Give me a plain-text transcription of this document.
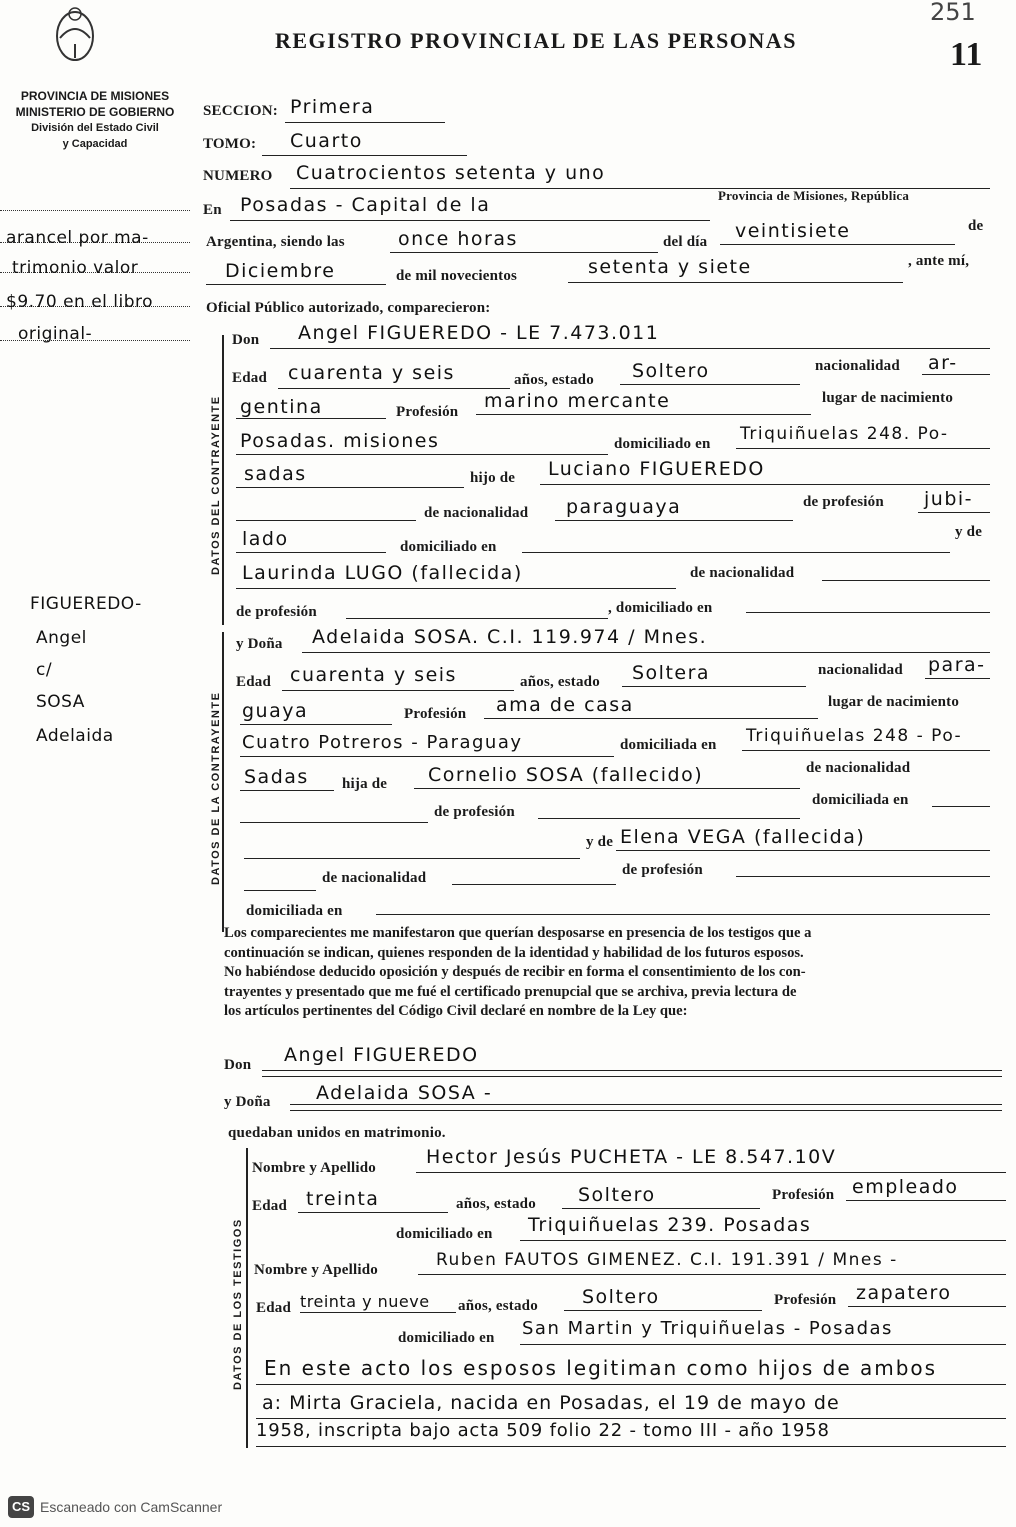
REGISTRO PROVINCIAL DE LAS PERSONAS
251
11
PROVINCIA DE MISIONES
MINISTERIO DE GOBIERNO
División del Estado Civil
y Capacidad
arancel por ma-
trimonio valor
$9.70 en el libro
original-
FIGUEREDO-
Angel
c/
SOSA
Adelaida
SECCION: Primera
TOMO: Cuarto
NUMERO Cuatrocientos setenta y uno
En Posadas - Capital de la	Provincia de Misiones, República
Argentina, siendo las	once horas	del día veintisiete	de
Diciembre	de mil novecientos	setenta y siete	, ante mí,
Oficial Público autorizado, comparecieron:
DATOS DEL CONTRAYENTE
Don Angel FIGUEREDO - LE 7.473.011
Edad cuarenta y seis	años, estado Soltero	nacionalidad ar-
gentina	Profesión marino mercante	lugar de nacimiento
Posadas. misiones	domiciliado en Triquiñuelas 248. Po-
sadas	hijo de Luciano FIGUEREDO
de nacionalidad paraguaya	de profesión jubi-
lado	domiciliado en
y de
Laurinda LUGO (fallecida)	de nacionalidad
de profesión	, domiciliado en
DATOS DE LA CONTRAYENTE
y Doña Adelaida SOSA. C.I. 119.974 / Mnes.
Edad cuarenta y seis	años, estado Soltera	nacionalidad para-
guaya	Profesión ama de casa	lugar de nacimiento
Cuatro Potreros - Paraguay	domiciliada en Triquiñuelas 248 - Po-
Sadas hija de Cornelio SOSA (fallecido)	de nacionalidad
de profesión
domiciliada en
y de Elena VEGA (fallecida)
de nacionalidad	de profesión
domiciliada en
Los comparecientes me manifestaron que querían desposarse en presencia de los testigos que a
continuación se indican, quienes responden de la identidad y habilidad de los futuros esposos.
No habiéndose deducido oposición y después de recibir en forma el consentimiento de los con-
trayentes y presentado que me fué el certificado prenupcial que se archiva, previa lectura de
los artículos pertinentes del Código Civil declaré en nombre de la Ley que:
Don Angel FIGUEREDO
y Doña Adelaida SOSA -
quedaban unidos en matrimonio.
DATOS DE LOS TESTIGOS
Nombre y Apellido	Hector Jesús PUCHETA - LE 8.547.10V
Edad treinta	años, estado Soltero	Profesión empleado
domiciliado en Triquiñuelas 239. Posadas
Nombre y Apellido	Ruben FAUTOS GIMENEZ. C.I. 191.391 / Mnes -
Edad treinta y nueve años, estado Soltero	Profesión zapatero
domiciliado en San Martin y Triquiñuelas - Posadas
En este acto los esposos legitiman como hijos de ambos
a: Mirta Graciela, nacida en Posadas, el 19 de mayo de
1958, inscripta bajo acta 509 folio 22 - tomo III - año 1958
CS Escaneado con CamScanner
